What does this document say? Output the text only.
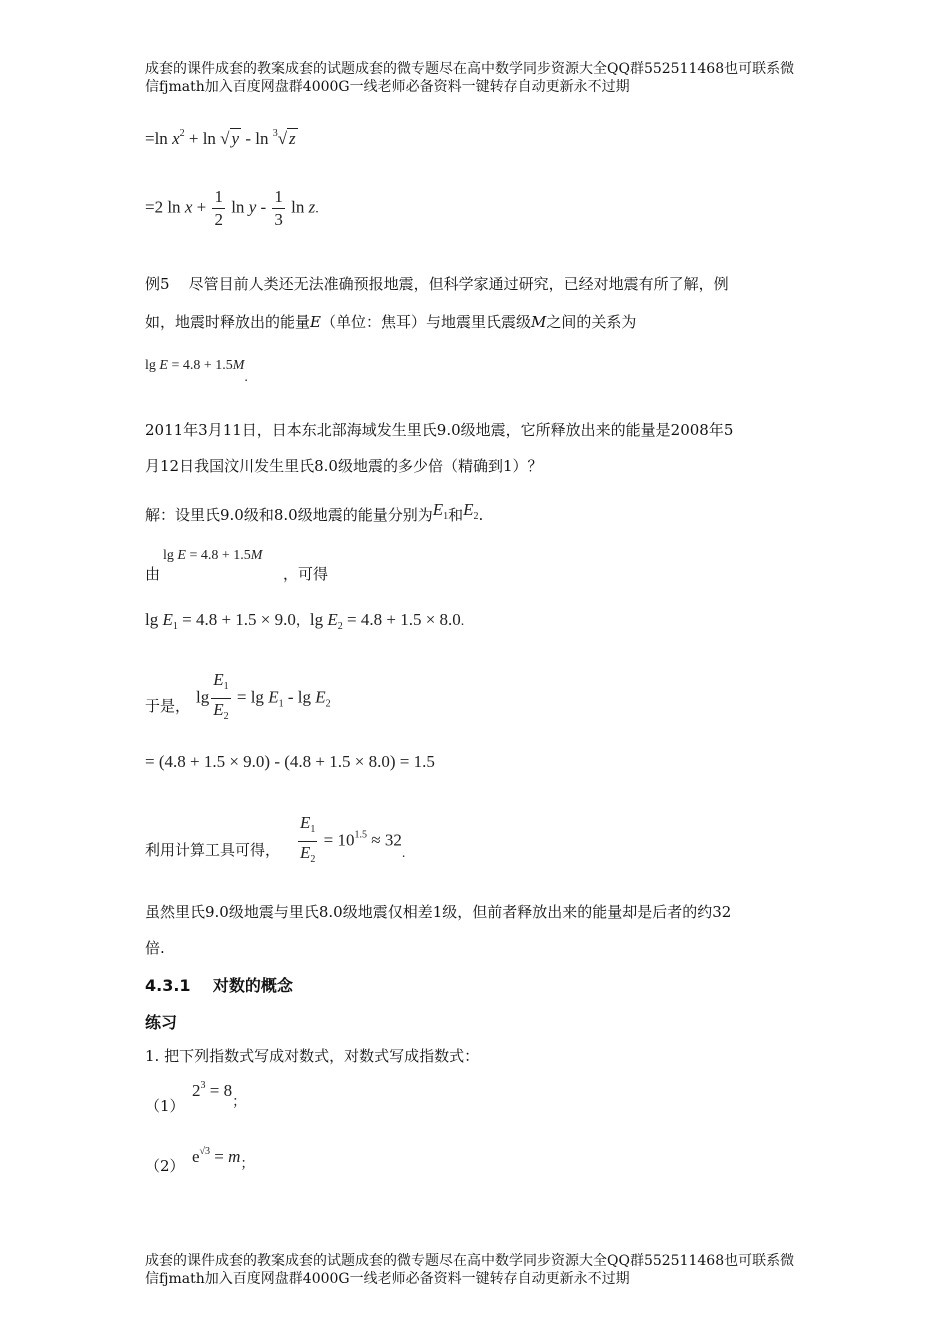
成套的课件成套的教案成套的试题成套的微专题尽在高中数学同步资源大全QQ群552511468也可联系微
信fjmath加入百度网盘群4000G一线老师必备资料一键转存自动更新永不过期
=ln $x^2 + \ln$ √ y - ln $^3$√ z
=2 $\ln x + \frac{1}{2}$ ln y - $\frac{1}{3}$ ln z.
例5 尽管目前人类还无法准确预报地震，但科学家通过研究，已经对地震有所了解，例
如，地震时释放出的能量E（单位：焦耳）与地震里氏震级M之间的关系为
lg E = 4.8 + 1.5M.
2011年3月11日，日本东北部海域发生里氏9.0级地震，它所释放出来的能量是2008年5
月12日我国汶川发生里氏8.0级地震的多少倍（精确到1）？
解：设里氏9.0级和8.0级地震的能量分别为$E_1$和$E_2$.
由
lg E = 4.8 + 1.5M
，可得
$\lg E_1 = 4.8 + 1.5 \times 9.0$，$\lg E_2 = 4.8 + 1.5 \times 8.0$.
于是， $\lg \frac{E_1}{E_2} = \lg E_1 - \lg E_2$
= (4.8 + 1.5 × 9.0) - (4.8 + 1.5 × 8.0) = 1.5
利用计算工具可得， $\frac{E_1}{E_2} = 10^{1.5} \approx 32_.$
虽然里氏9.0级地震与里氏8.0级地震仅相差1级，但前者释放出来的能量却是后者的约32
倍.
4.3.1 对数的概念
练习
1. 把下列指数式写成对数式，对数式写成指数式：
（1）
$2^3 = 8_;$
（2） $e^{√3} = m_;$
成套的课件成套的教案成套的试题成套的微专题尽在高中数学同步资源大全QQ群552511468也可联系微
信fjmath加入百度网盘群4000G一线老师必备资料一键转存自动更新永不过期
